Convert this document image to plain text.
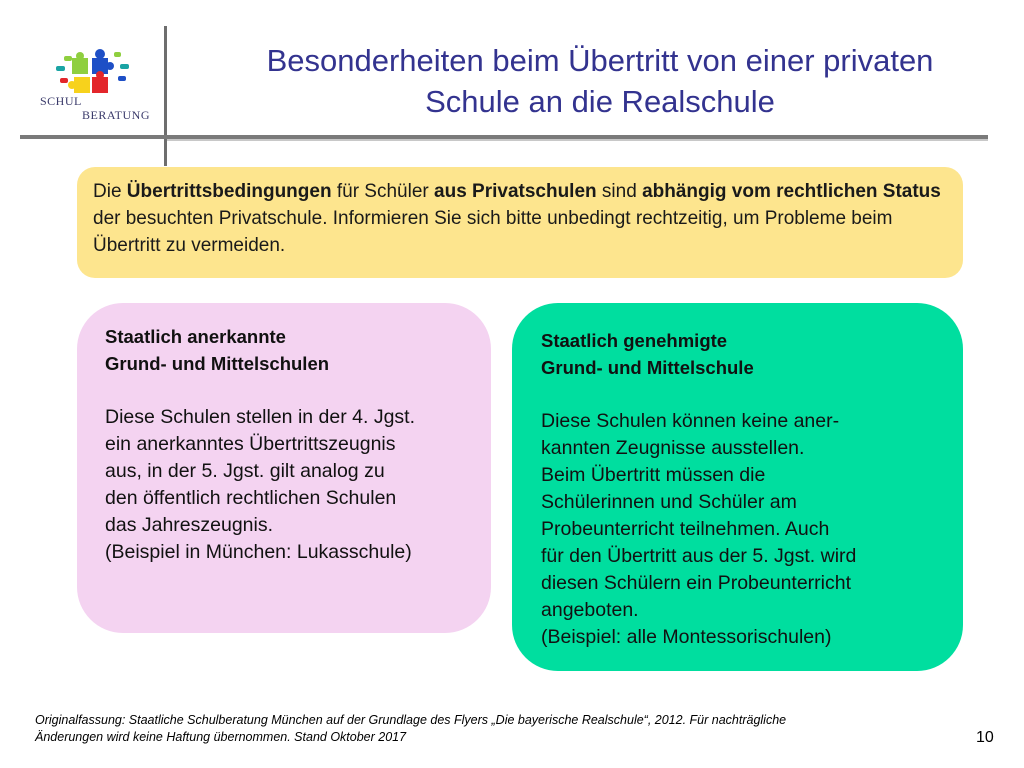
SCHUL
BERATUNG
Besonderheiten beim Übertritt von einer privaten
Schule an die Realschule
Die Übertrittsbedingungen für Schüler aus Privatschulen sind abhängig vom rechtlichen Status der besuchten Privatschule. Informieren Sie sich bitte unbedingt rechtzeitig, um Probleme beim Übertritt zu vermeiden.
Staatlich anerkannte
Grund- und Mittelschulen

Diese Schulen stellen in der 4. Jgst.

ein anerkanntes Übertrittszeugnis

aus, in der 5. Jgst. gilt analog zu

den öffentlich rechtlichen Schulen

das Jahreszeugnis.

(Beispiel in München: Lukasschule)

Staatlich genehmigte
Grund- und Mittelschule

Diese Schulen können keine aner-

kannten Zeugnisse ausstellen.

Beim Übertritt müssen die

Schülerinnen und Schüler am

Probeunterricht teilnehmen. Auch

für den Übertritt aus der 5. Jgst. wird

diesen Schülern ein Probeunterricht

angeboten.

(Beispiel: alle Montessorischulen)

Originalfassung: Staatliche Schulberatung München auf der Grundlage des Flyers „Die bayerische Realschule“, 2012. Für nachträgliche
Änderungen wird keine Haftung übernommen. Stand Oktober 2017	10
